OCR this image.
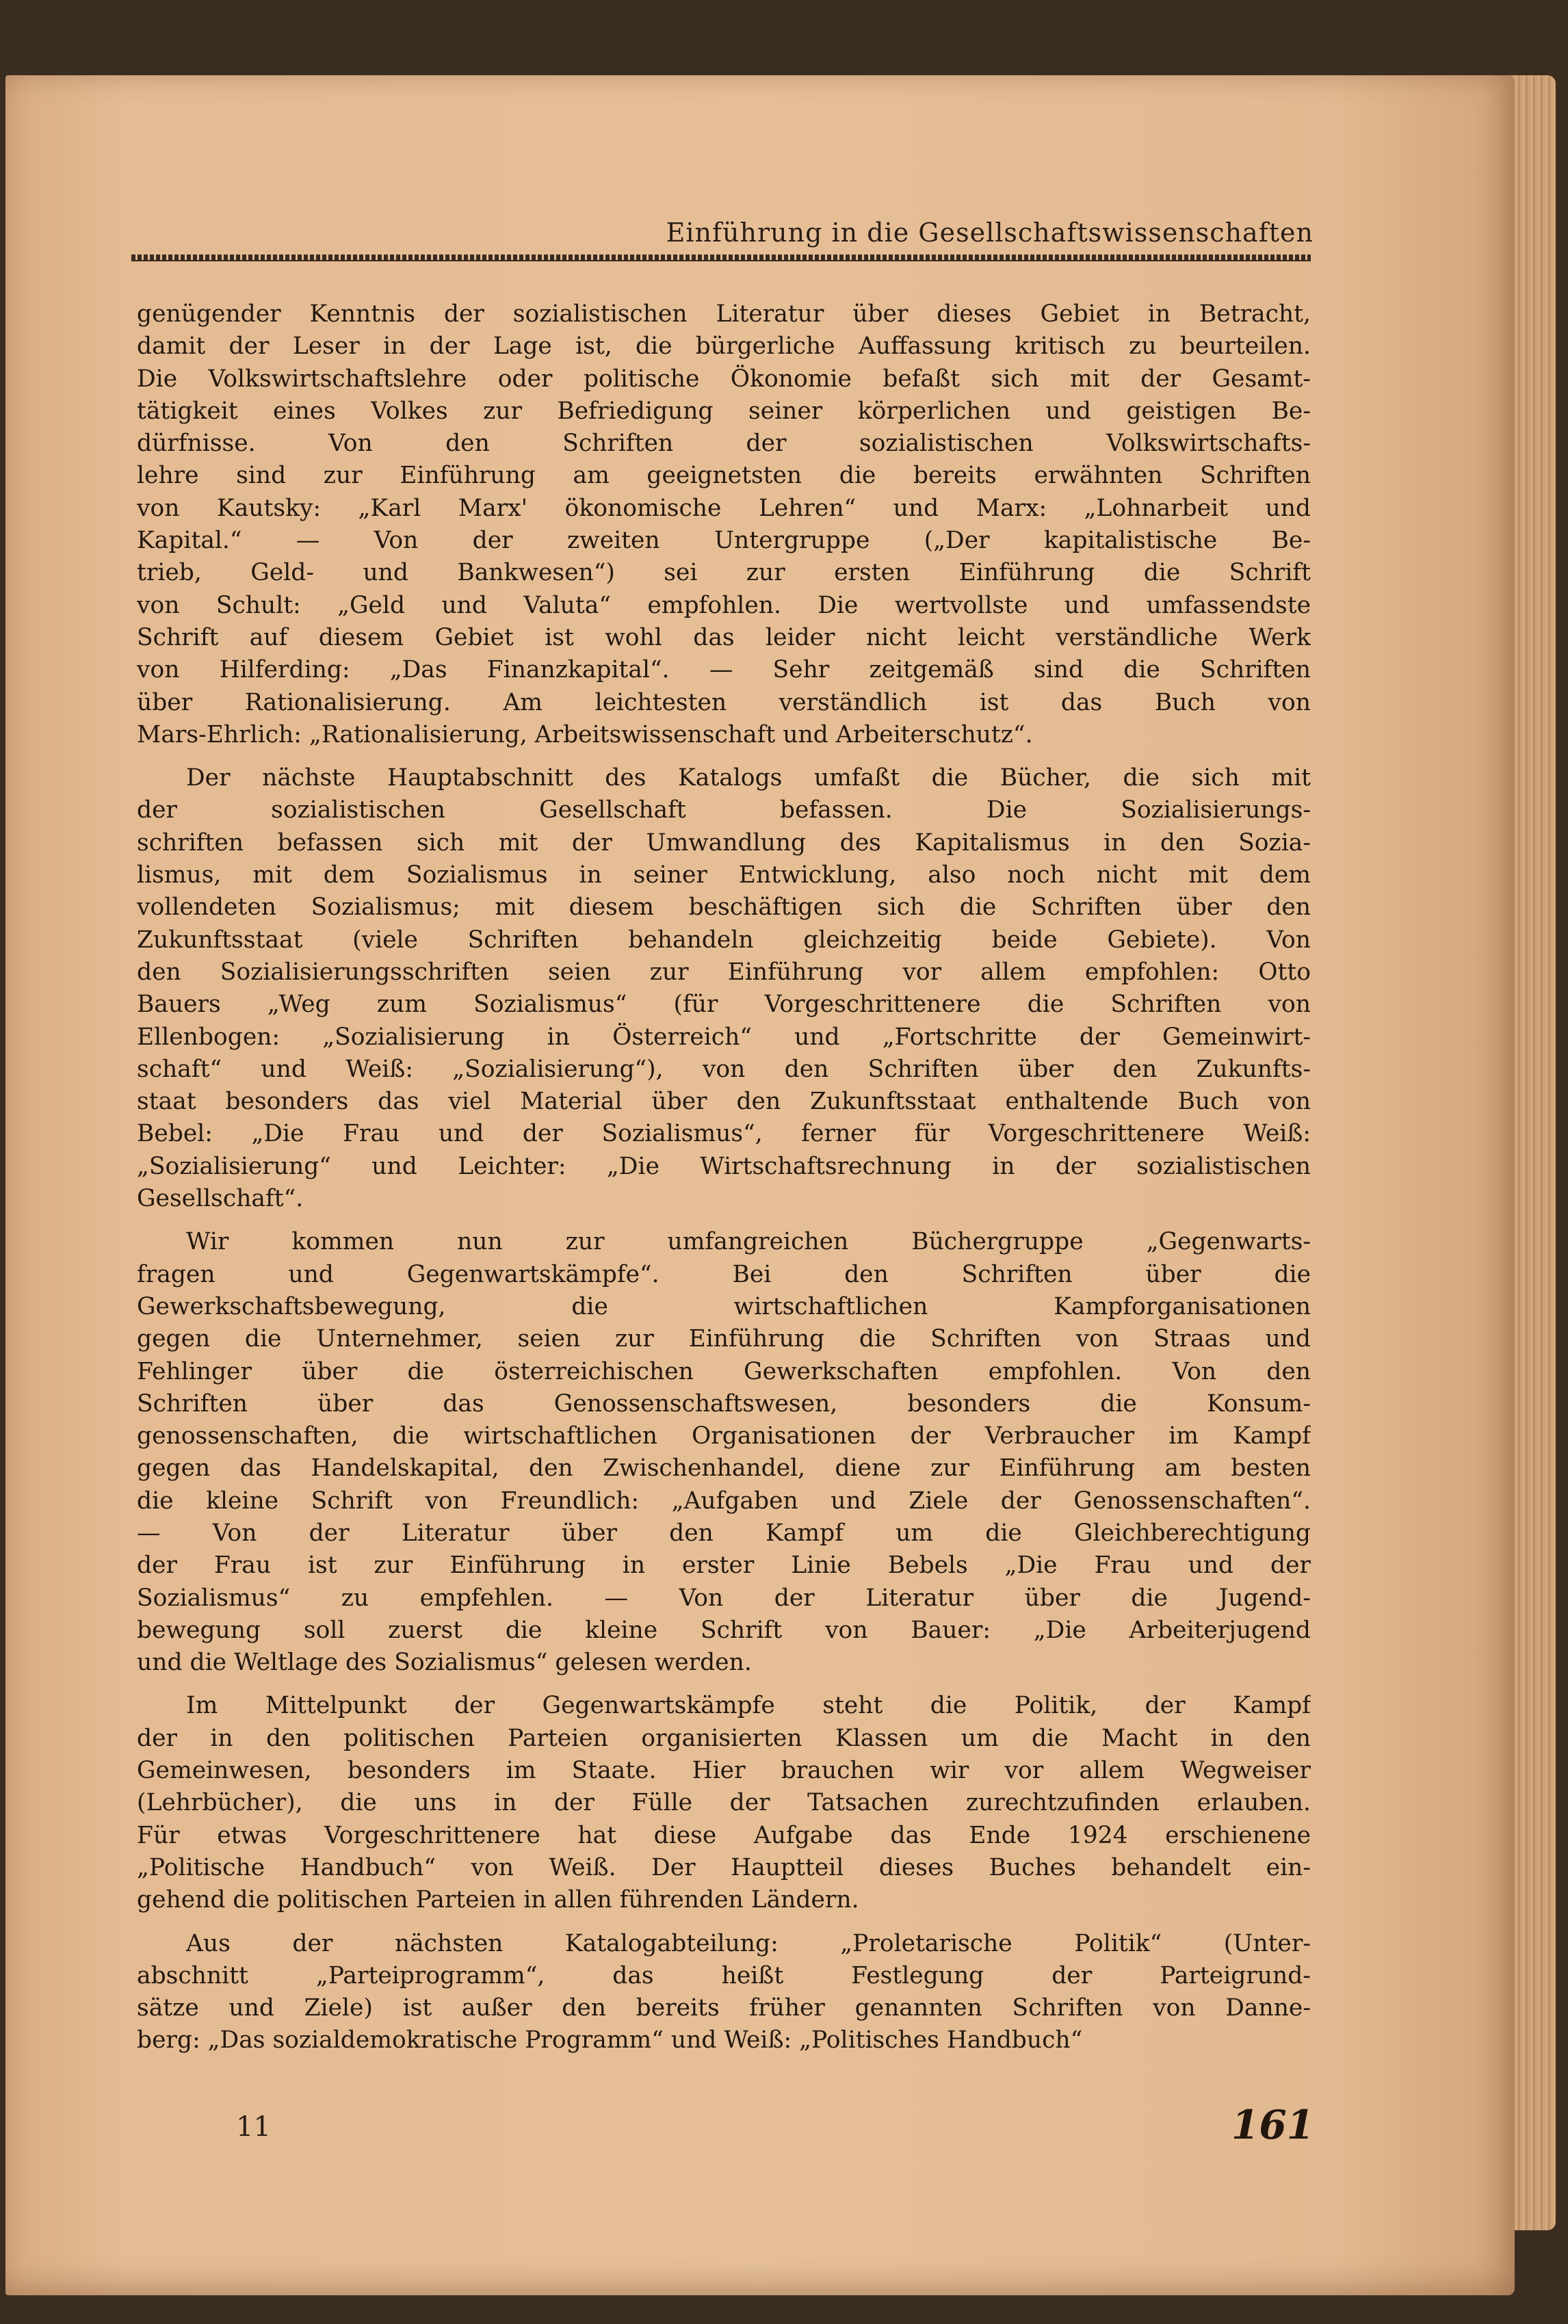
Einführung in die Gesellschaftswissenschaften
genügender Kenntnis der sozialistischen Literatur über dieses Gebiet in Betracht,
damit der Leser in der Lage ist, die bürgerliche Auffassung kritisch zu beurteilen.
Die Volkswirtschaftslehre oder politische Ökonomie befaßt sich mit der Gesamt-
tätigkeit eines Volkes zur Befriedigung seiner körperlichen und geistigen Be-
dürfnisse. Von den Schriften der sozialistischen Volkswirtschafts-
lehre sind zur Einführung am geeignetsten die bereits erwähnten Schriften
von Kautsky: „Karl Marx' ökonomische Lehren“ und Marx: „Lohnarbeit und
Kapital.“ — Von der zweiten Untergruppe („Der kapitalistische Be-
trieb, Geld- und Bankwesen“) sei zur ersten Einführung die Schrift
von Schult: „Geld und Valuta“ empfohlen. Die wertvollste und umfassendste
Schrift auf diesem Gebiet ist wohl das leider nicht leicht verständliche Werk
von Hilferding: „Das Finanzkapital“. — Sehr zeitgemäß sind die Schriften
über Rationalisierung. Am leichtesten verständlich ist das Buch von
Mars-Ehrlich: „Rationalisierung, Arbeitswissenschaft und Arbeiterschutz“.
Der nächste Hauptabschnitt des Katalogs umfaßt die Bücher, die sich mit
der sozialistischen Gesellschaft befassen. Die Sozialisierungs-
schriften befassen sich mit der Umwandlung des Kapitalismus in den Sozia-
lismus, mit dem Sozialismus in seiner Entwicklung, also noch nicht mit dem
vollendeten Sozialismus; mit diesem beschäftigen sich die Schriften über den
Zukunftsstaat (viele Schriften behandeln gleichzeitig beide Gebiete). Von
den Sozialisierungsschriften seien zur Einführung vor allem empfohlen: Otto
Bauers „Weg zum Sozialismus“ (für Vorgeschrittenere die Schriften von
Ellenbogen: „Sozialisierung in Österreich“ und „Fortschritte der Gemeinwirt-
schaft“ und Weiß: „Sozialisierung“), von den Schriften über den Zukunfts-
staat besonders das viel Material über den Zukunftsstaat enthaltende Buch von
Bebel: „Die Frau und der Sozialismus“, ferner für Vorgeschrittenere Weiß:
„Sozialisierung“ und Leichter: „Die Wirtschaftsrechnung in der sozialistischen
Gesellschaft“.
Wir kommen nun zur umfangreichen Büchergruppe „Gegenwarts-
fragen und Gegenwartskämpfe“. Bei den Schriften über die
Gewerkschaftsbewegung, die wirtschaftlichen Kampforganisationen
gegen die Unternehmer, seien zur Einführung die Schriften von Straas und
Fehlinger über die österreichischen Gewerkschaften empfohlen. Von den
Schriften über das Genossenschaftswesen, besonders die Konsum-
genossenschaften, die wirtschaftlichen Organisationen der Verbraucher im Kampf
gegen das Handelskapital, den Zwischenhandel, diene zur Einführung am besten
die kleine Schrift von Freundlich: „Aufgaben und Ziele der Genossenschaften“.
— Von der Literatur über den Kampf um die Gleichberechtigung
der Frau ist zur Einführung in erster Linie Bebels „Die Frau und der
Sozialismus“ zu empfehlen. — Von der Literatur über die Jugend-
bewegung soll zuerst die kleine Schrift von Bauer: „Die Arbeiterjugend
und die Weltlage des Sozialismus“ gelesen werden.
Im Mittelpunkt der Gegenwartskämpfe steht die Politik, der Kampf
der in den politischen Parteien organisierten Klassen um die Macht in den
Gemeinwesen, besonders im Staate. Hier brauchen wir vor allem Wegweiser
(Lehrbücher), die uns in der Fülle der Tatsachen zurechtzufinden erlauben.
Für etwas Vorgeschrittenere hat diese Aufgabe das Ende 1924 erschienene
„Politische Handbuch“ von Weiß. Der Hauptteil dieses Buches behandelt ein-
gehend die politischen Parteien in allen führenden Ländern.
Aus der nächsten Katalogabteilung: „Proletarische Politik“ (Unter-
abschnitt „Parteiprogramm“, das heißt Festlegung der Parteigrund-
sätze und Ziele) ist außer den bereits früher genannten Schriften von Danne-
berg: „Das sozialdemokratische Programm“ und Weiß: „Politisches Handbuch“
11	161
